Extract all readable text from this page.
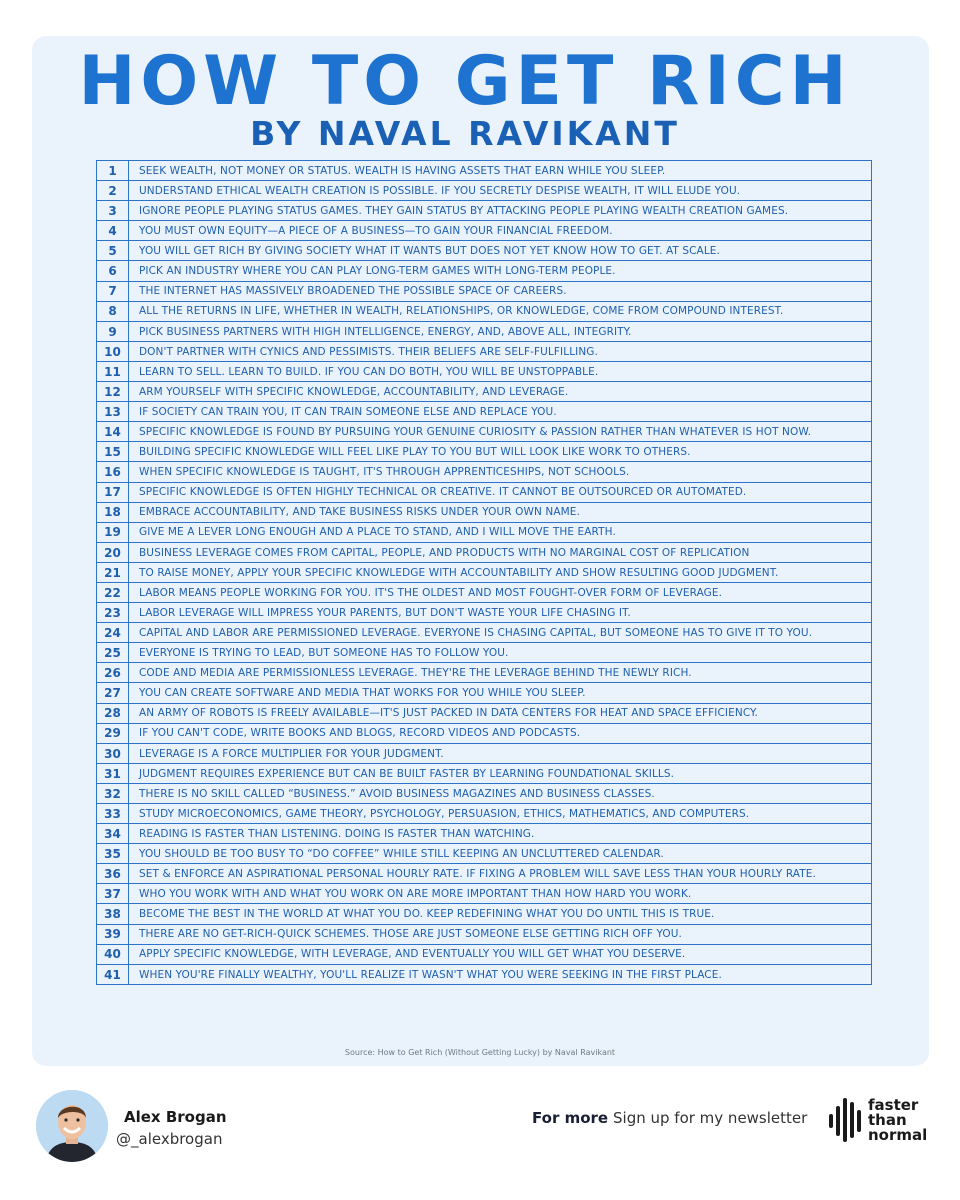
HOW TO GET RICH
BY NAVAL RAVIKANT
1	SEEK WEALTH, NOT MONEY OR STATUS. WEALTH IS HAVING ASSETS THAT EARN WHILE YOU SLEEP.
2	UNDERSTAND ETHICAL WEALTH CREATION IS POSSIBLE. IF YOU SECRETLY DESPISE WEALTH, IT WILL ELUDE YOU.
3	IGNORE PEOPLE PLAYING STATUS GAMES. THEY GAIN STATUS BY ATTACKING PEOPLE PLAYING WEALTH CREATION GAMES.
4	YOU MUST OWN EQUITY—A PIECE OF A BUSINESS—TO GAIN YOUR FINANCIAL FREEDOM.
5	YOU WILL GET RICH BY GIVING SOCIETY WHAT IT WANTS BUT DOES NOT YET KNOW HOW TO GET. AT SCALE.
6	PICK AN INDUSTRY WHERE YOU CAN PLAY LONG-TERM GAMES WITH LONG-TERM PEOPLE.
7	THE INTERNET HAS MASSIVELY BROADENED THE POSSIBLE SPACE OF CAREERS.
8	ALL THE RETURNS IN LIFE, WHETHER IN WEALTH, RELATIONSHIPS, OR KNOWLEDGE, COME FROM COMPOUND INTEREST.
9	PICK BUSINESS PARTNERS WITH HIGH INTELLIGENCE, ENERGY, AND, ABOVE ALL, INTEGRITY.
10	DON'T PARTNER WITH CYNICS AND PESSIMISTS. THEIR BELIEFS ARE SELF-FULFILLING.
11	LEARN TO SELL. LEARN TO BUILD. IF YOU CAN DO BOTH, YOU WILL BE UNSTOPPABLE.
12	ARM YOURSELF WITH SPECIFIC KNOWLEDGE, ACCOUNTABILITY, AND LEVERAGE.
13	IF SOCIETY CAN TRAIN YOU, IT CAN TRAIN SOMEONE ELSE AND REPLACE YOU.
14	SPECIFIC KNOWLEDGE IS FOUND BY PURSUING YOUR GENUINE CURIOSITY & PASSION RATHER THAN WHATEVER IS HOT NOW.
15	BUILDING SPECIFIC KNOWLEDGE WILL FEEL LIKE PLAY TO YOU BUT WILL LOOK LIKE WORK TO OTHERS.
16	WHEN SPECIFIC KNOWLEDGE IS TAUGHT, IT'S THROUGH APPRENTICESHIPS, NOT SCHOOLS.
17	SPECIFIC KNOWLEDGE IS OFTEN HIGHLY TECHNICAL OR CREATIVE. IT CANNOT BE OUTSOURCED OR AUTOMATED.
18	EMBRACE ACCOUNTABILITY, AND TAKE BUSINESS RISKS UNDER YOUR OWN NAME.
19	GIVE ME A LEVER LONG ENOUGH AND A PLACE TO STAND, AND I WILL MOVE THE EARTH.
20	BUSINESS LEVERAGE COMES FROM CAPITAL, PEOPLE, AND PRODUCTS WITH NO MARGINAL COST OF REPLICATION
21	TO RAISE MONEY, APPLY YOUR SPECIFIC KNOWLEDGE WITH ACCOUNTABILITY AND SHOW RESULTING GOOD JUDGMENT.
22	LABOR MEANS PEOPLE WORKING FOR YOU. IT'S THE OLDEST AND MOST FOUGHT-OVER FORM OF LEVERAGE.
23	LABOR LEVERAGE WILL IMPRESS YOUR PARENTS, BUT DON'T WASTE YOUR LIFE CHASING IT.
24	CAPITAL AND LABOR ARE PERMISSIONED LEVERAGE. EVERYONE IS CHASING CAPITAL, BUT SOMEONE HAS TO GIVE IT TO YOU.
25	EVERYONE IS TRYING TO LEAD, BUT SOMEONE HAS TO FOLLOW YOU.
26	CODE AND MEDIA ARE PERMISSIONLESS LEVERAGE. THEY'RE THE LEVERAGE BEHIND THE NEWLY RICH.
27	YOU CAN CREATE SOFTWARE AND MEDIA THAT WORKS FOR YOU WHILE YOU SLEEP.
28	AN ARMY OF ROBOTS IS FREELY AVAILABLE—IT'S JUST PACKED IN DATA CENTERS FOR HEAT AND SPACE EFFICIENCY.
29	IF YOU CAN'T CODE, WRITE BOOKS AND BLOGS, RECORD VIDEOS AND PODCASTS.
30	LEVERAGE IS A FORCE MULTIPLIER FOR YOUR JUDGMENT.
31	JUDGMENT REQUIRES EXPERIENCE BUT CAN BE BUILT FASTER BY LEARNING FOUNDATIONAL SKILLS.
32	THERE IS NO SKILL CALLED “BUSINESS.” AVOID BUSINESS MAGAZINES AND BUSINESS CLASSES.
33	STUDY MICROECONOMICS, GAME THEORY, PSYCHOLOGY, PERSUASION, ETHICS, MATHEMATICS, AND COMPUTERS.
34	READING IS FASTER THAN LISTENING. DOING IS FASTER THAN WATCHING.
35	YOU SHOULD BE TOO BUSY TO “DO COFFEE” WHILE STILL KEEPING AN UNCLUTTERED CALENDAR.
36	SET & ENFORCE AN ASPIRATIONAL PERSONAL HOURLY RATE. IF FIXING A PROBLEM WILL SAVE LESS THAN YOUR HOURLY RATE.
37	WHO YOU WORK WITH AND WHAT YOU WORK ON ARE MORE IMPORTANT THAN HOW HARD YOU WORK.
38	BECOME THE BEST IN THE WORLD AT WHAT YOU DO. KEEP REDEFINING WHAT YOU DO UNTIL THIS IS TRUE.
39	THERE ARE NO GET-RICH-QUICK SCHEMES. THOSE ARE JUST SOMEONE ELSE GETTING RICH OFF YOU.
40	APPLY SPECIFIC KNOWLEDGE, WITH LEVERAGE, AND EVENTUALLY YOU WILL GET WHAT YOU DESERVE.
41	WHEN YOU'RE FINALLY WEALTHY, YOU'LL REALIZE IT WASN'T WHAT YOU WERE SEEKING IN THE FIRST PLACE.
Source: How to Get Rich (Without Getting Lucky) by Naval Ravikant
Alex Brogan
@_alexbrogan
For more Sign up for my newsletter
faster
than
normal
